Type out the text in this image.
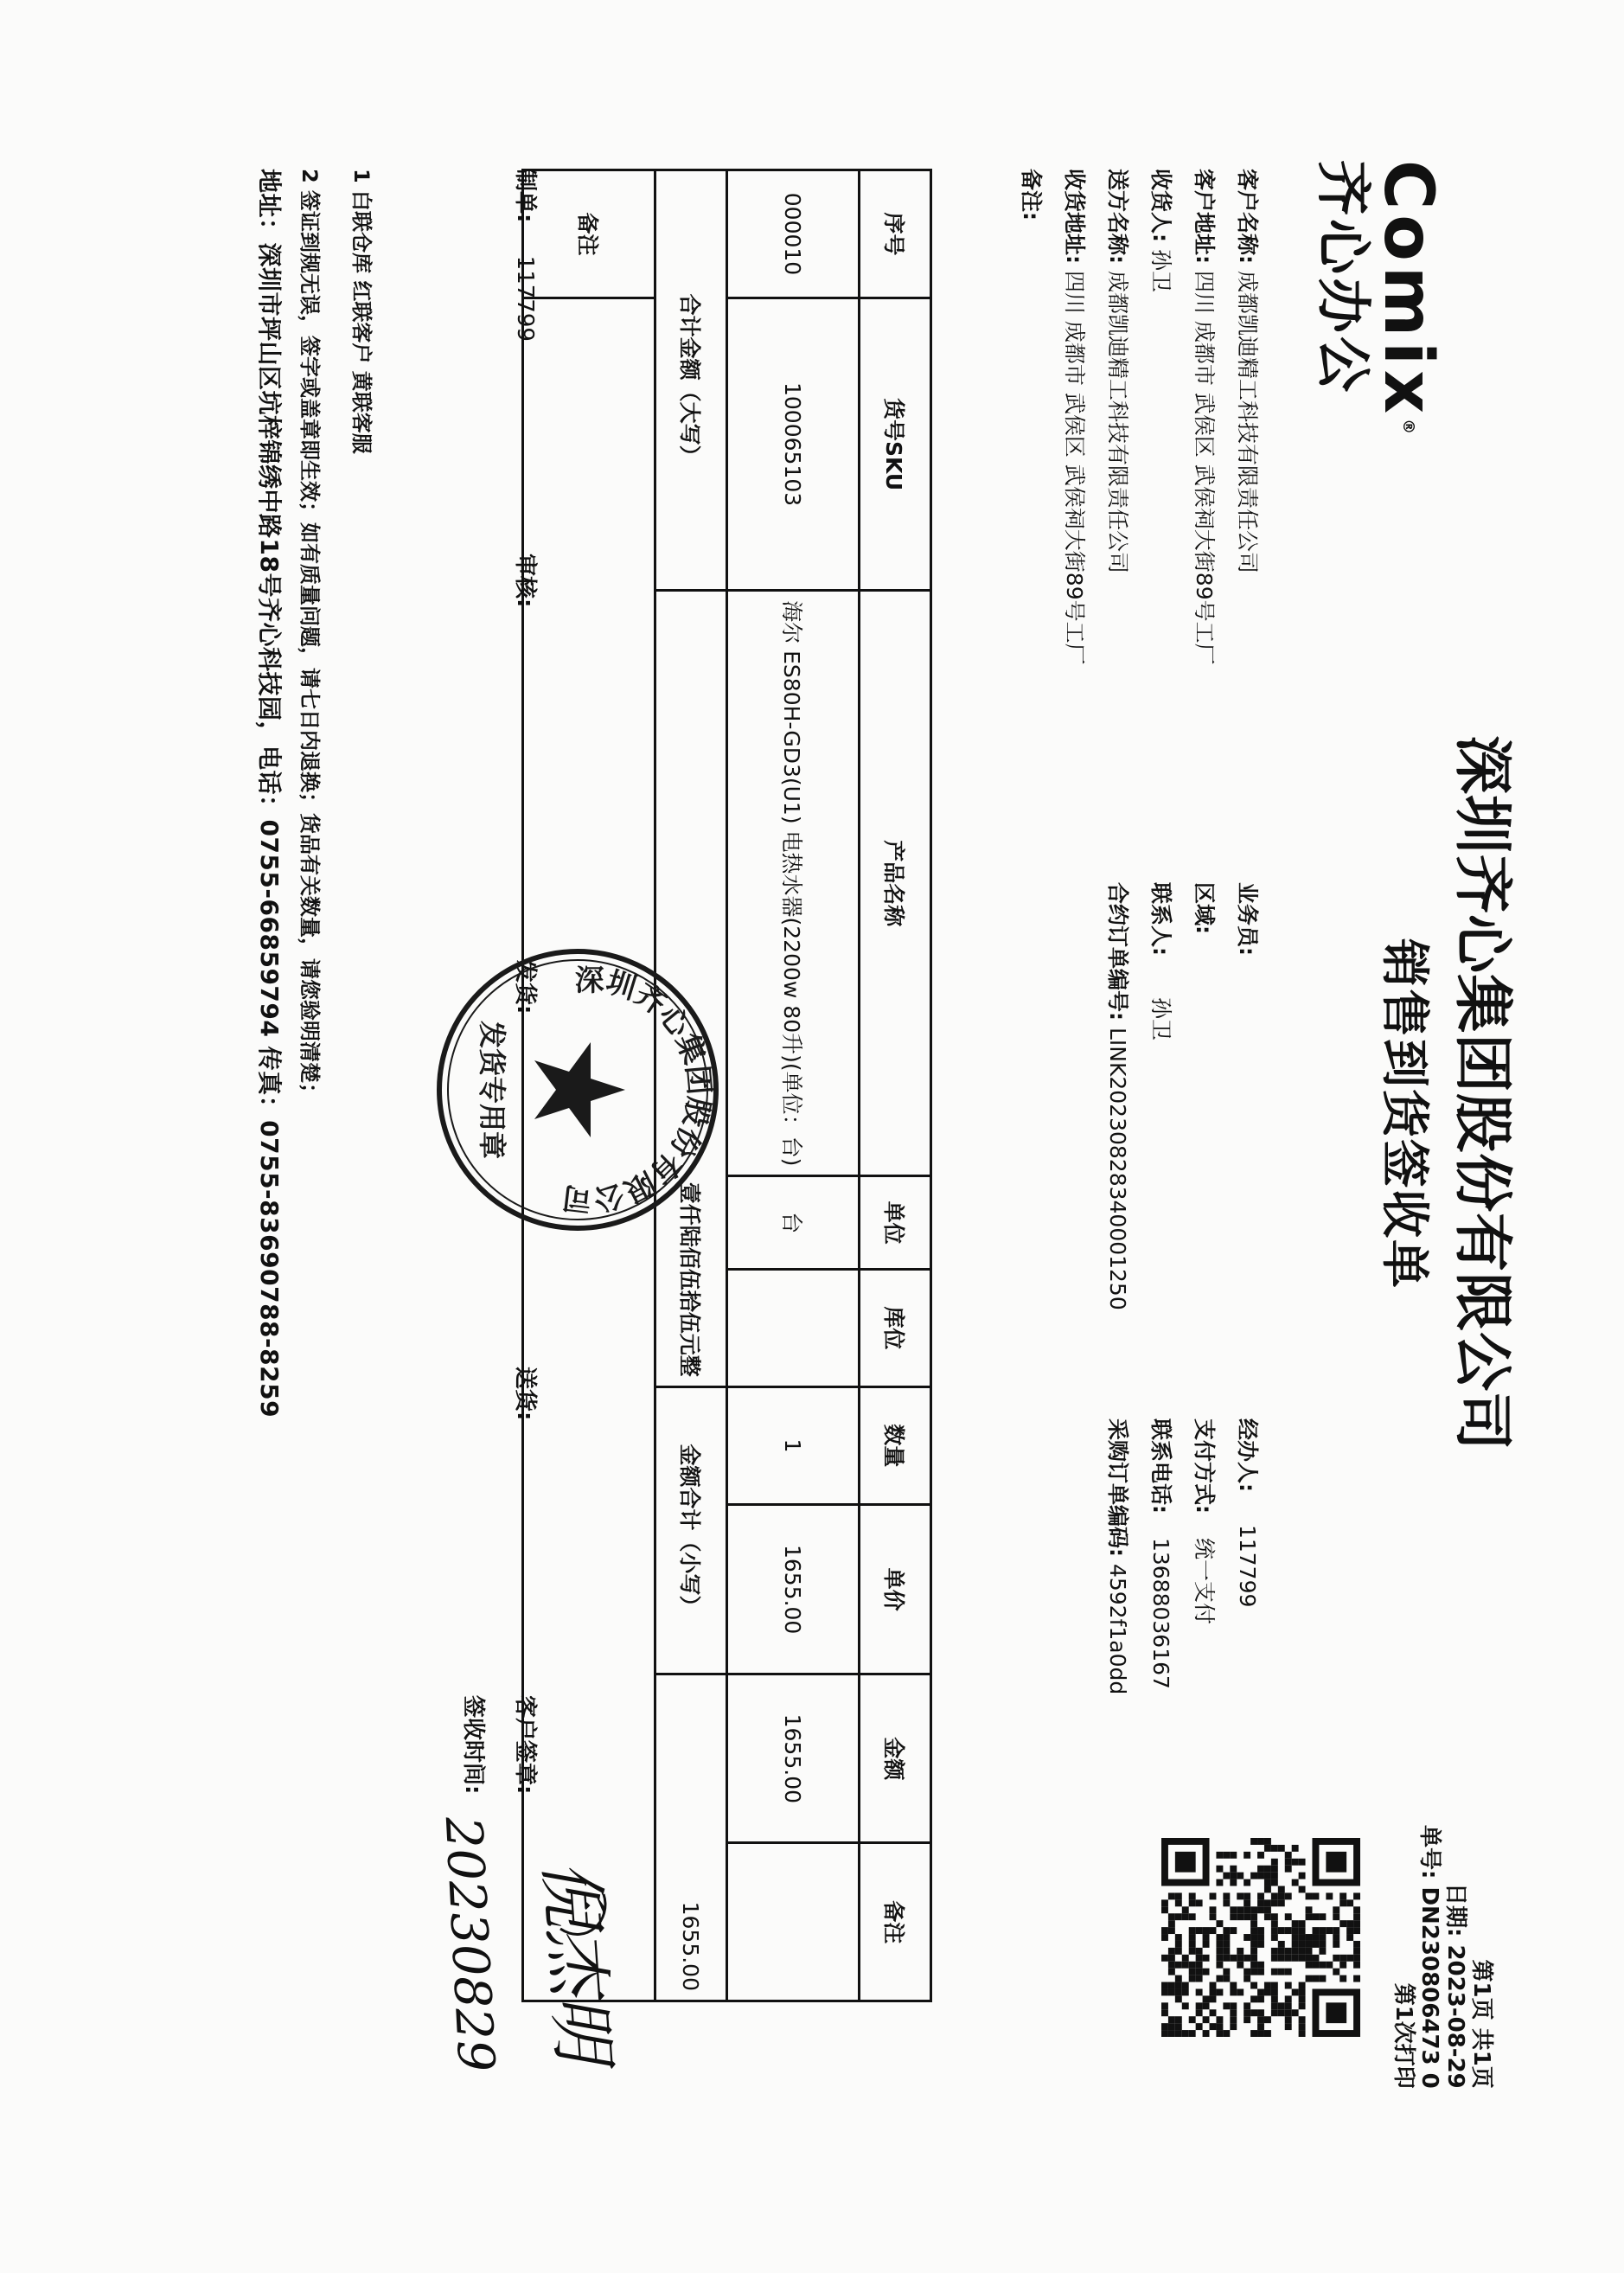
Comix®
齐心办公
深圳齐心集团股份有限公司
销售到货签收单
第1页 共1页
日期: 2023-08-29
单号: DN230806473 0
第1次打印
客户名称: 成都凯迪精工科技有限责任公司
客户地址: 四川 成都市 武侯区 武侯祠大街89号工厂
收货人: 孙卫
送方名称: 成都凯迪精工科技有限责任公司
收货地址: 四川 成都市 武侯区 武侯祠大街89号工厂
备注:
业务员:
区域:
联系人: 孙卫
合约订单编号: LINK20230828340001250
经办人: 117799
支付方式: 统一支付
联系电话: 13688036167
采购订单编码: 4592f1a0dd
序号	货号SKU	产品名称	单位	库位	数量	单价	金额	备注
000010	100065103	海尔 ES80H-GD3(U1) 电热水器(2200w 80升)(单位：台)	台		1	1655.00	1655.00	
合计金额（大写）		壹仟陆佰伍拾伍元整			金额合计（小写）		1655.00	
备注								
制单: 117799
审核:
发货:
送货:
客户签章:
签收时间:
倪杰明
20230829
深圳齐心集团股份有限公司
发货专用章
1 白联仓库 红联客户 黄联客服
2 签证到规无误，签字或盖章即生效；如有质量问题，请七日内退换；货品有关数量，请您验明清楚；
地址：深圳市坪山区坑梓锦绣中路18号齐心科技园，电话：0755-66859794 传真：0755-83690788-8259
